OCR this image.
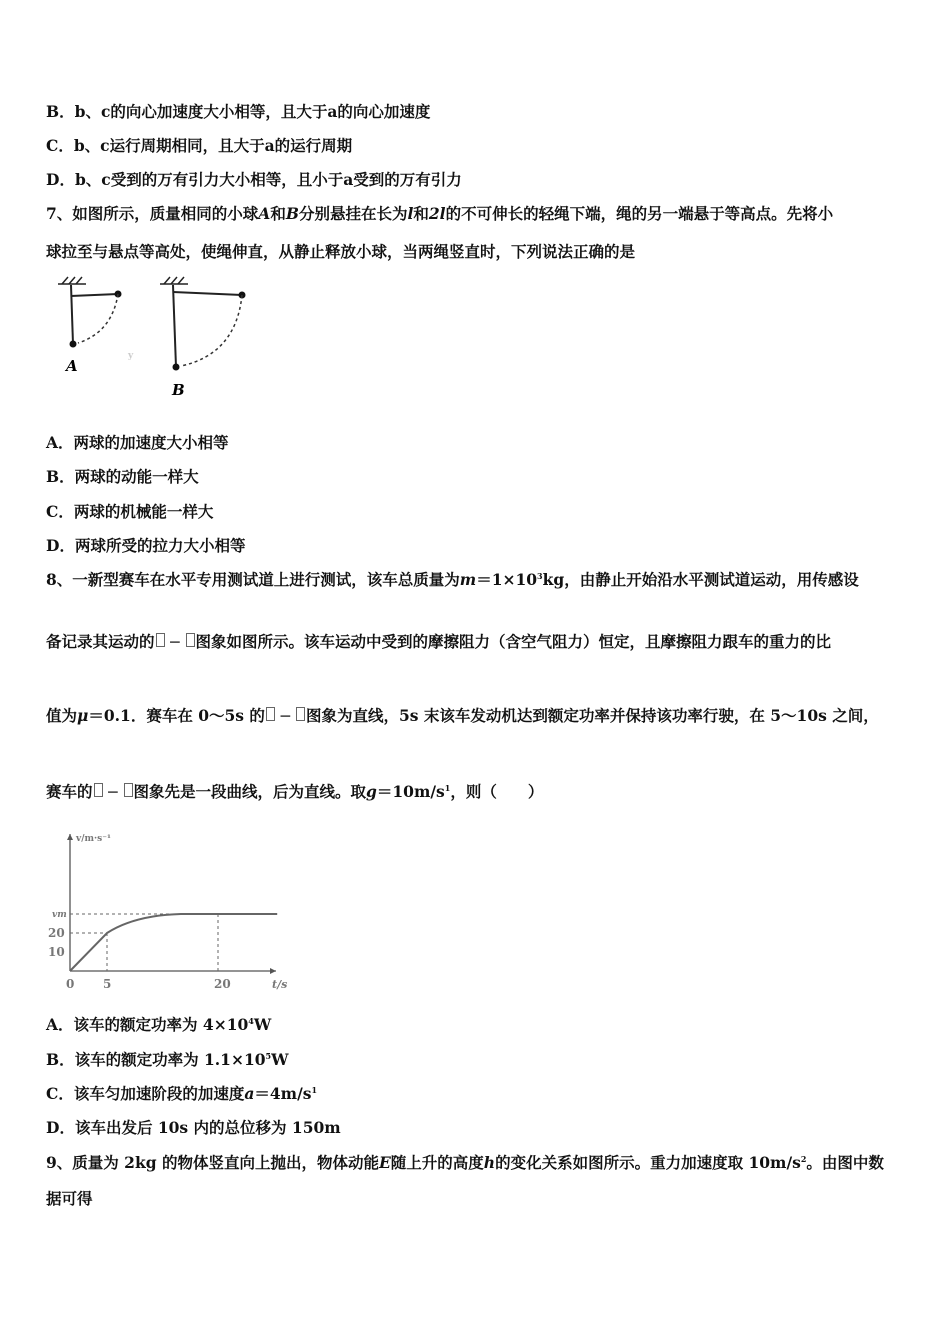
B．b、c的向心加速度大小相等，且大于a的向心加速度
C．b、c运行周期相同，且大于a的运行周期
D．b、c受到的万有引力大小相等，且小于a受到的万有引力
7、如图所示，质量相同的小球A和B分别悬挂在长为l和2l的不可伸长的轻绳下端，绳的另一端悬于等高点。先将小
球拉至与悬点等高处，使绳伸直，从静止释放小球，当两绳竖直时，下列说法正确的是
A
y
B
A．两球的加速度大小相等
B．两球的动能一样大
C．两球的机械能一样大
D．两球所受的拉力大小相等
8、一新型赛车在水平专用测试道上进行测试，该车总质量为$m=1\times 10^3kg$，由静止开始沿水平测试道运动，用传感设
备记录其运动的 − 图象如图所示。该车运动中受到的摩擦阻力（含空气阻力）恒定，且摩擦阻力跟车的重力的比
值为μ＝0.1．赛车在 0～5s 的 − 图象为直线，5s 末该车发动机达到额定功率并保持该功率行驶，在 5～10s 之间，
赛车的 − 图象先是一段曲线，后为直线。取$g=10m/s^1$，则（　　）
v/m·s⁻¹
t/s
vm
10
20
0 5	20
A．该车的额定功率为 $4\times 10^4W$
B．该车的额定功率为 $1.1\times 10^5W$
C．该车匀加速阶段的加速度$a=4m/s^1$
D．该车出发后 10s 内的总位移为 150m
9、质量为 2kg 的物体竖直向上抛出，物体动能E随上升的高度h的变化关系如图所示。重力加速度取 $10m/s^2$。由图中数
据可得
